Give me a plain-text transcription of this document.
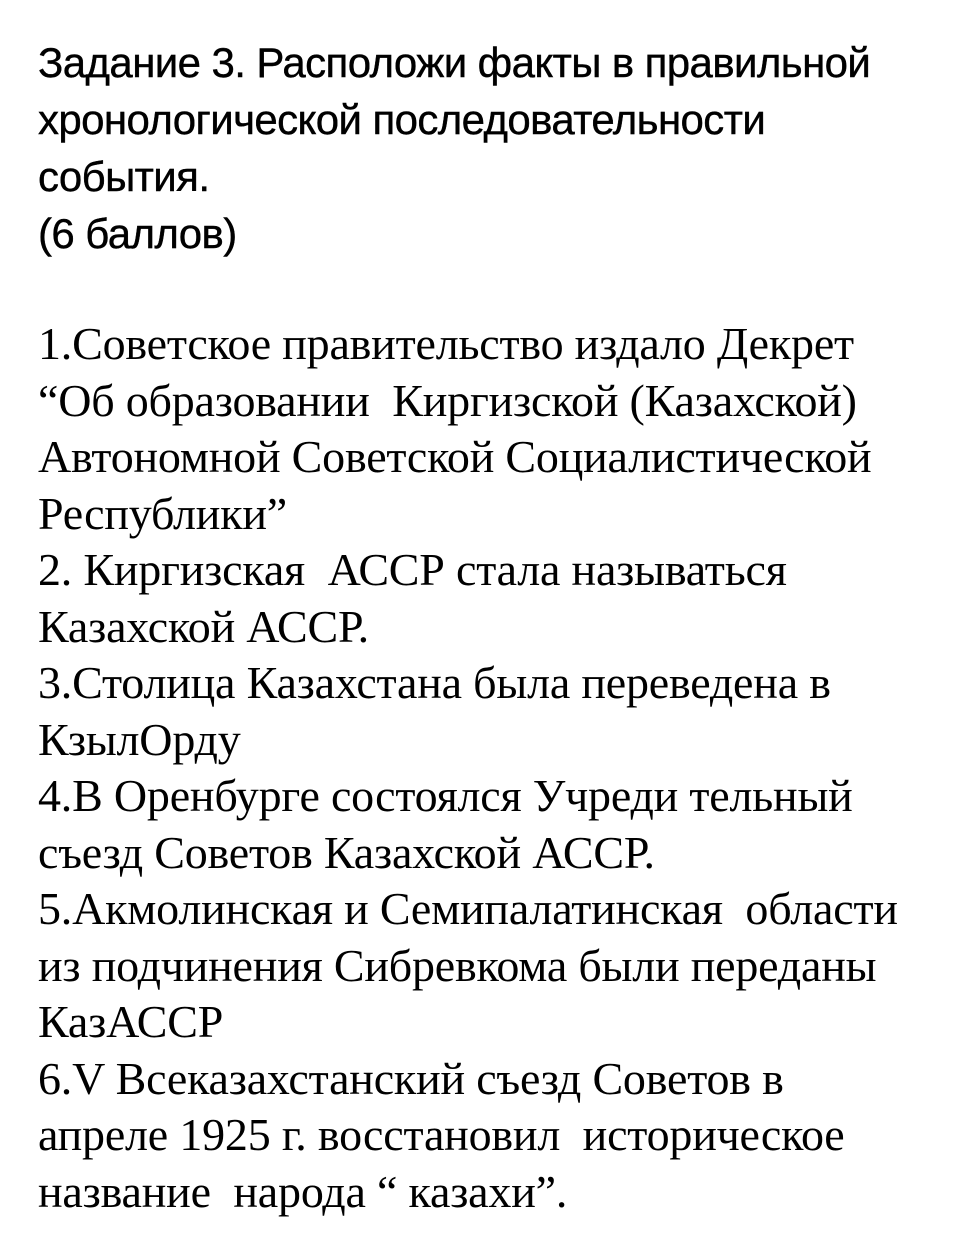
Задание 3. Расположи факты в правильной
хронологической последовательности
события.
(6 баллов)
1.Советское правительство издало Декрет
“Об образовании  Киргизской (Казахской)
Автономной Советской Социалистической
Республики”
2. Киргизская  АССР стала называться
Казахской АССР.
3.Столица Казахстана была переведена в
КзылОрду
4.В Оренбурге состоялся Учреди тельный
съезд Советов Казахской АССР.
5.Акмолинская и Семипалатинская  области
из подчинения Сибревкома были переданы
КазАССР
6.V Всеказахстанский съезд Советов в
апреле 1925 г. восстановил  историческое
название  народа “ казахи”.
